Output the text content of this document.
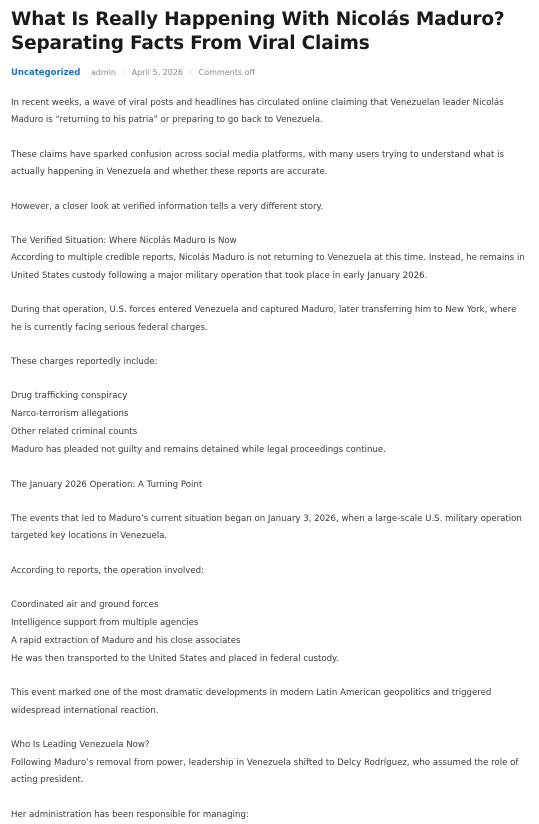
What Is Really Happening With Nicolás Maduro? Separating Facts From Viral Claims
Uncategorized admin · April 5, 2026 · Comments off

In recent weeks, a wave of viral posts and headlines has circulated online claiming that Venezuelan leader Nicolás Maduro is “returning to his patria” or preparing to go back to Venezuela.

These claims have sparked confusion across social media platforms, with many users trying to understand what is actually happening in Venezuela and whether these reports are accurate.

However, a closer look at verified information tells a very different story.

The Verified Situation: Where Nicolás Maduro Is Now

According to multiple credible reports, Nicolás Maduro is not returning to Venezuela at this time. Instead, he remains in United States custody following a major military operation that took place in early January 2026.

During that operation, U.S. forces entered Venezuela and captured Maduro, later transferring him to New York, where he is currently facing serious federal charges.

These charges reportedly include:

Drug trafficking conspiracy
Narco-terrorism allegations
Other related criminal counts
Maduro has pleaded not guilty and remains detained while legal proceedings continue.

The January 2026 Operation: A Turning Point

The events that led to Maduro’s current situation began on January 3, 2026, when a large-scale U.S. military operation targeted key locations in Venezuela.

According to reports, the operation involved:

Coordinated air and ground forces
Intelligence support from multiple agencies
A rapid extraction of Maduro and his close associates
He was then transported to the United States and placed in federal custody.

This event marked one of the most dramatic developments in modern Latin American geopolitics and triggered widespread international reaction.

Who Is Leading Venezuela Now?

Following Maduro’s removal from power, leadership in Venezuela shifted to Delcy Rodríguez, who assumed the role of acting president.

Her administration has been responsible for managing:
